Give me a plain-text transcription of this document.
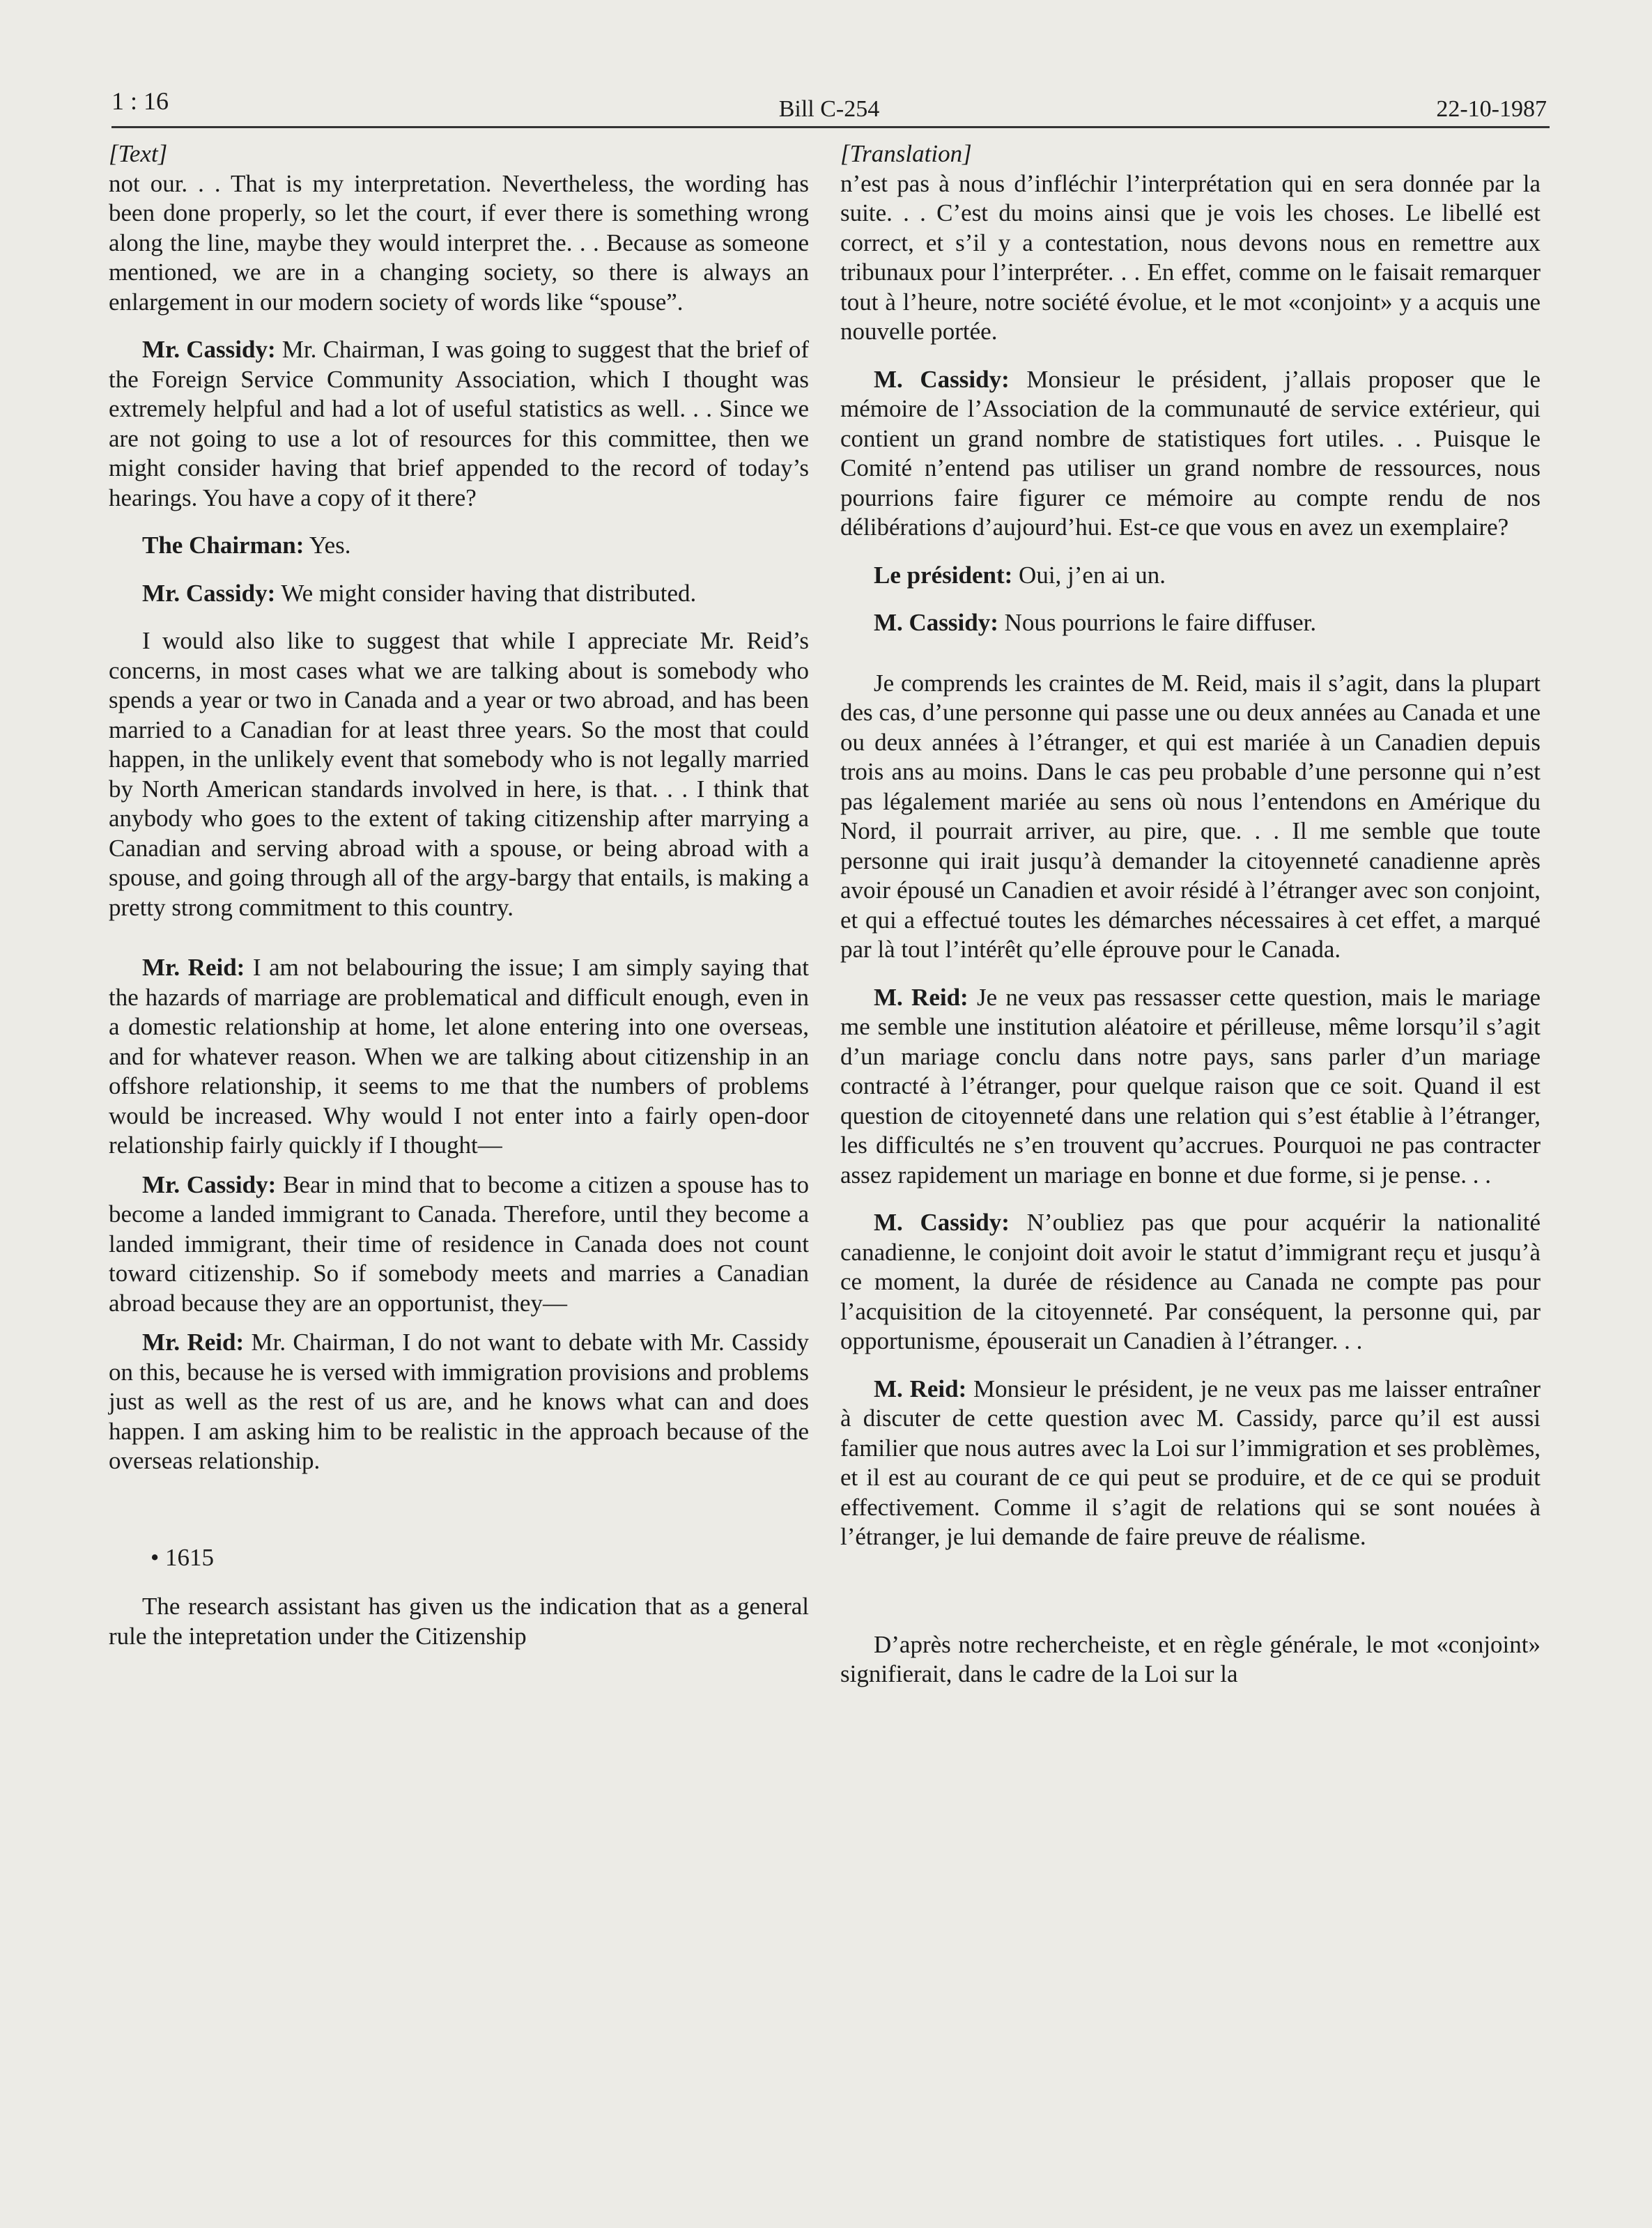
1 : 16	Bill C-254	22-10-1987

[Text]

not our. . . That is my interpretation. Nevertheless, the wording has been done properly, so let the court, if ever there is something wrong along the line, maybe they would interpret the. . . Because as someone mentioned, we are in a changing society, so there is always an enlargement in our modern society of words like “spouse”.

Mr. Cassidy: Mr. Chairman, I was going to suggest that the brief of the Foreign Service Community Association, which I thought was extremely helpful and had a lot of useful statistics as well. . . Since we are not going to use a lot of resources for this committee, then we might consider having that brief appended to the record of today’s hearings. You have a copy of it there?

The Chairman: Yes.

Mr. Cassidy: We might consider having that distributed.

I would also like to suggest that while I appreciate Mr. Reid’s concerns, in most cases what we are talking about is somebody who spends a year or two in Canada and a year or two abroad, and has been married to a Canadian for at least three years. So the most that could happen, in the unlikely event that somebody who is not legally married by North American standards involved in here, is that. . . I think that anybody who goes to the extent of taking citizenship after marrying a Canadian and serving abroad with a spouse, or being abroad with a spouse, and going through all of the argy-bargy that entails, is making a pretty strong commitment to this country.

Mr. Reid: I am not belabouring the issue; I am simply saying that the hazards of marriage are problematical and difficult enough, even in a domestic relationship at home, let alone entering into one overseas, and for whatever reason. When we are talking about citizenship in an offshore relationship, it seems to me that the numbers of problems would be increased. Why would I not enter into a fairly open-door relationship fairly quickly if I thought—

Mr. Cassidy: Bear in mind that to become a citizen a spouse has to become a landed immigrant to Canada. Therefore, until they become a landed immigrant, their time of residence in Canada does not count toward citizenship. So if somebody meets and marries a Canadian abroad because they are an opportunist, they—

Mr. Reid: Mr. Chairman, I do not want to debate with Mr. Cassidy on this, because he is versed with immigration provisions and problems just as well as the rest of us are, and he knows what can and does happen. I am asking him to be realistic in the approach because of the overseas relationship.

• 1615

The research assistant has given us the indication that as a general rule the intepretation under the Citizenship

[Translation]

n’est pas à nous d’infléchir l’interprétation qui en sera donnée par la suite. . . C’est du moins ainsi que je vois les choses. Le libellé est correct, et s’il y a contestation, nous devons nous en remettre aux tribunaux pour l’interpréter. . . En effet, comme on le faisait remarquer tout à l’heure, notre société évolue, et le mot «conjoint» y a acquis une nouvelle portée.

M. Cassidy: Monsieur le président, j’allais proposer que le mémoire de l’Association de la communauté de service extérieur, qui contient un grand nombre de statistiques fort utiles. . . Puisque le Comité n’entend pas utiliser un grand nombre de ressources, nous pourrions faire figurer ce mémoire au compte rendu de nos délibérations d’aujourd’hui. Est-ce que vous en avez un exemplaire?

Le président: Oui, j’en ai un.

M. Cassidy: Nous pourrions le faire diffuser.

Je comprends les craintes de M. Reid, mais il s’agit, dans la plupart des cas, d’une personne qui passe une ou deux années au Canada et une ou deux années à l’étranger, et qui est mariée à un Canadien depuis trois ans au moins. Dans le cas peu probable d’une personne qui n’est pas légalement mariée au sens où nous l’entendons en Amérique du Nord, il pourrait arriver, au pire, que. . . Il me semble que toute personne qui irait jusqu’à demander la citoyenneté canadienne après avoir épousé un Canadien et avoir résidé à l’étranger avec son conjoint, et qui a effectué toutes les démarches nécessaires à cet effet, a marqué par là tout l’intérêt qu’elle éprouve pour le Canada.

M. Reid: Je ne veux pas ressasser cette question, mais le mariage me semble une institution aléatoire et périlleuse, même lorsqu’il s’agit d’un mariage conclu dans notre pays, sans parler d’un mariage contracté à l’étranger, pour quelque raison que ce soit. Quand il est question de citoyenneté dans une relation qui s’est établie à l’étranger, les difficultés ne s’en trouvent qu’accrues. Pourquoi ne pas contracter assez rapidement un mariage en bonne et due forme, si je pense. . .

M. Cassidy: N’oubliez pas que pour acquérir la nationalité canadienne, le conjoint doit avoir le statut d’immigrant reçu et jusqu’à ce moment, la durée de résidence au Canada ne compte pas pour l’acquisition de la citoyenneté. Par conséquent, la personne qui, par opportunisme, épouserait un Canadien à l’étranger. . .

M. Reid: Monsieur le président, je ne veux pas me laisser entraîner à discuter de cette question avec M. Cassidy, parce qu’il est aussi familier que nous autres avec la Loi sur l’immigration et ses problèmes, et il est au courant de ce qui peut se produire, et de ce qui se produit effectivement. Comme il s’agit de relations qui se sont nouées à l’étranger, je lui demande de faire preuve de réalisme.

D’après notre rechercheiste, et en règle générale, le mot «conjoint» signifierait, dans le cadre de la Loi sur la
